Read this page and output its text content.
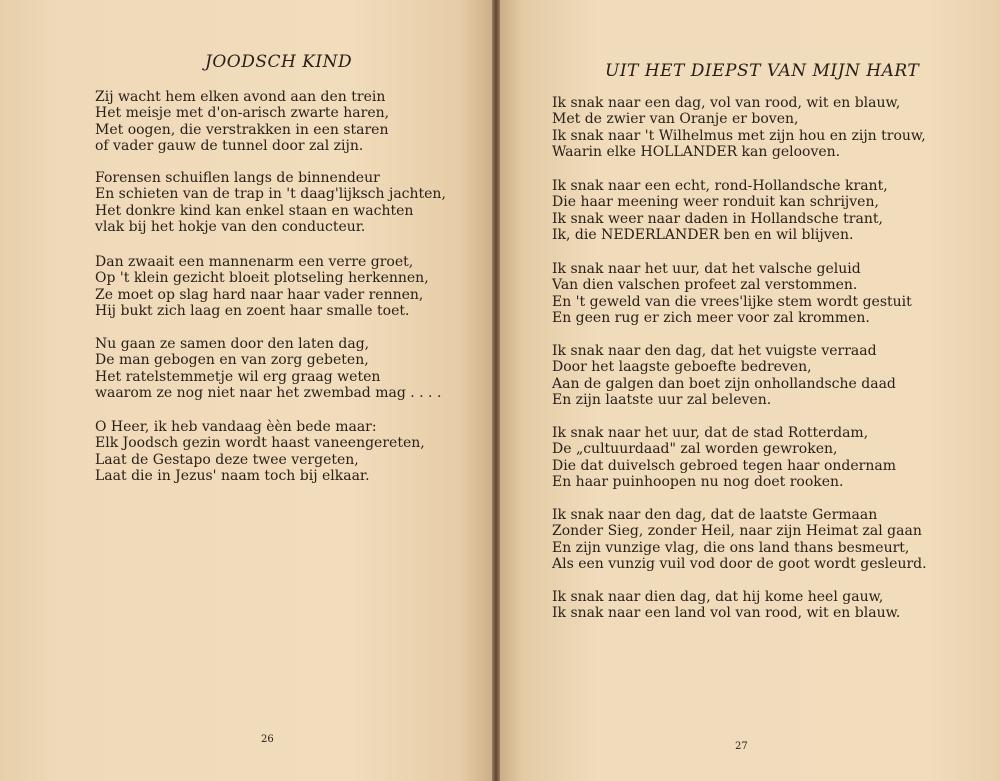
JOODSCH KIND
Zij wacht hem elken avond aan den trein
Het meisje met d'on-arisch zwarte haren,
Met oogen, die verstrakken in een staren
of vader gauw de tunnel door zal zijn.
Forensen schuiflen langs de binnendeur
En schieten van de trap in 't daag'lijksch jachten,
Het donkre kind kan enkel staan en wachten
vlak bij het hokje van den conducteur.
Dan zwaait een mannenarm een verre groet,
Op 't klein gezicht bloeit plotseling herkennen,
Ze moet op slag hard naar haar vader rennen,
Hij bukt zich laag en zoent haar smalle toet.
Nu gaan ze samen door den laten dag,
De man gebogen en van zorg gebeten,
Het ratelstemmetje wil erg graag weten
waarom ze nog niet naar het zwembad mag . . . .
O Heer, ik heb vandaag èèn bede maar:
Elk Joodsch gezin wordt haast vaneengereten,
Laat de Gestapo deze twee vergeten,
Laat die in Jezus' naam toch bij elkaar.
26
UIT HET DIEPST VAN MIJN HART
Ik snak naar een dag, vol van rood, wit en blauw,
Met de zwier van Oranje er boven,
Ik snak naar 't Wilhelmus met zijn hou en zijn trouw,
Waarin elke HOLLANDER kan gelooven.
Ik snak naar een echt, rond-Hollandsche krant,
Die haar meening weer ronduit kan schrijven,
Ik snak weer naar daden in Hollandsche trant,
Ik, die NEDERLANDER ben en wil blijven.
Ik snak naar het uur, dat het valsche geluid
Van dien valschen profeet zal verstommen.
En 't geweld van die vrees'lijke stem wordt gestuit
En geen rug er zich meer voor zal krommen.
Ik snak naar den dag, dat het vuigste verraad
Door het laagste geboefte bedreven,
Aan de galgen dan boet zijn onhollandsche daad
En zijn laatste uur zal beleven.
Ik snak naar het uur, dat de stad Rotterdam,
De „cultuurdaad" zal worden gewroken,
Die dat duivelsch gebroed tegen haar ondernam
En haar puinhoopen nu nog doet rooken.
Ik snak naar den dag, dat de laatste Germaan
Zonder Sieg, zonder Heil, naar zijn Heimat zal gaan
En zijn vunzige vlag, die ons land thans besmeurt,
Als een vunzig vuil vod door de goot wordt gesleurd.
Ik snak naar dien dag, dat hij kome heel gauw,
Ik snak naar een land vol van rood, wit en blauw.
27
